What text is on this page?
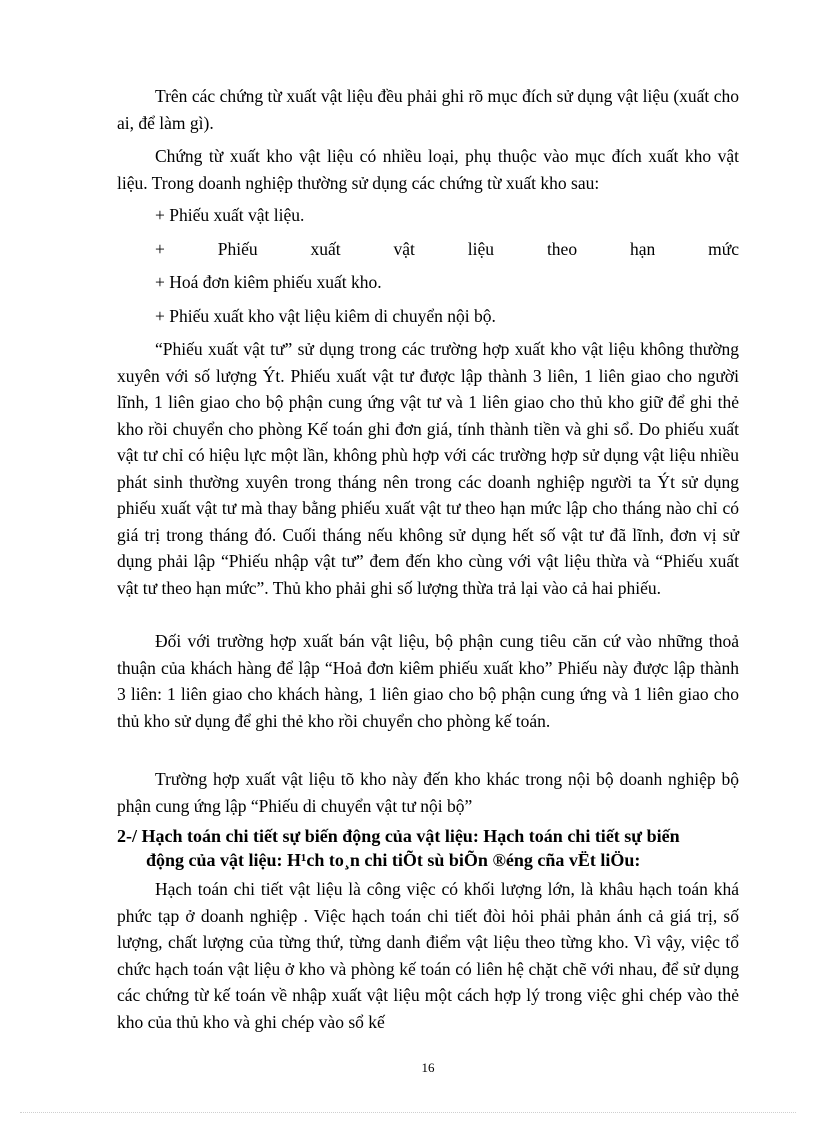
Trên các chứng từ xuất vật liệu đều phải ghi rõ mục đích sử dụng vật liệu (xuất cho ai, để làm gì).

Chứng từ xuất kho vật liệu có nhiều loại, phụ thuộc vào mục đích xuất kho vật liệu. Trong doanh nghiệp thường sử dụng các chứng từ xuất kho sau:

+ Phiếu xuất vật liệu.

+ Phiếu xuất vật liệu theo hạn mức

+ Hoá đơn kiêm phiếu xuất kho.

+ Phiếu xuất kho vật liệu kiêm di chuyển nội bộ.

“Phiếu xuất vật tư” sử dụng trong các trường hợp xuất kho vật liệu không thường xuyên với số lượng Ýt. Phiếu xuất vật tư được lập thành 3 liên, 1 liên giao cho người lĩnh, 1 liên giao cho bộ phận cung ứng vật tư và 1 liên giao cho thủ kho giữ để ghi thẻ kho rồi chuyển cho phòng Kế toán ghi đơn giá, tính thành tiền và ghi sổ. Do phiếu xuất vật tư chỉ có hiệu lực một lần, không phù hợp với các trường hợp sử dụng vật liệu nhiều phát sinh thường xuyên trong tháng nên trong các doanh nghiệp người ta Ýt sử dụng phiếu xuất vật tư mà thay bằng phiếu xuất vật tư theo hạn mức lập cho tháng nào chỉ có giá trị trong tháng đó. Cuối tháng nếu không sử dụng hết số vật tư đã lĩnh, đơn vị sử dụng phải lập “Phiếu nhập vật tư” đem đến kho cùng với vật liệu thừa và “Phiếu xuất vật tư theo hạn mức”. Thủ kho phải ghi số lượng thừa trả lại vào cả hai phiếu.

Đối với trường hợp xuất bán vật liệu, bộ phận cung tiêu căn cứ vào những thoả thuận của khách hàng để lập “Hoả đơn kiêm phiếu xuất kho” Phiếu này được lập thành 3 liên: 1 liên giao cho khách hàng, 1 liên giao cho bộ phận cung ứng và 1 liên giao cho thủ kho sử dụng để ghi thẻ kho rồi chuyển cho phòng kế toán.

Trường hợp xuất vật liệu tõ kho này đến kho khác trong nội bộ doanh nghiệp bộ phận cung ứng lập “Phiếu di chuyển vật tư nội bộ”

2-/ Hạch toán chi tiết sự biến động của vật liệu: Hạch toán chi tiết sự biến
động của vật liệu: H¹ch to¸n chi tiÕt sù biÕn ®éng cña vËt liÖu:

Hạch toán chi tiết vật liệu là công việc có khối lượng lớn, là khâu hạch toán khá phức tạp ở doanh nghiệp . Việc hạch toán chi tiết đòi hỏi phải phản ánh cả giá trị, số lượng, chất lượng của từng thứ, từng danh điểm vật liệu theo từng kho. Vì vậy, việc tổ chức hạch toán vật liệu ở kho và phòng kế toán có liên hệ chặt chẽ với nhau, để sử dụng các chứng từ kế toán về nhập xuất vật liệu một cách hợp lý trong việc ghi chép vào thẻ kho của thủ kho và ghi chép vào sổ kế

16
